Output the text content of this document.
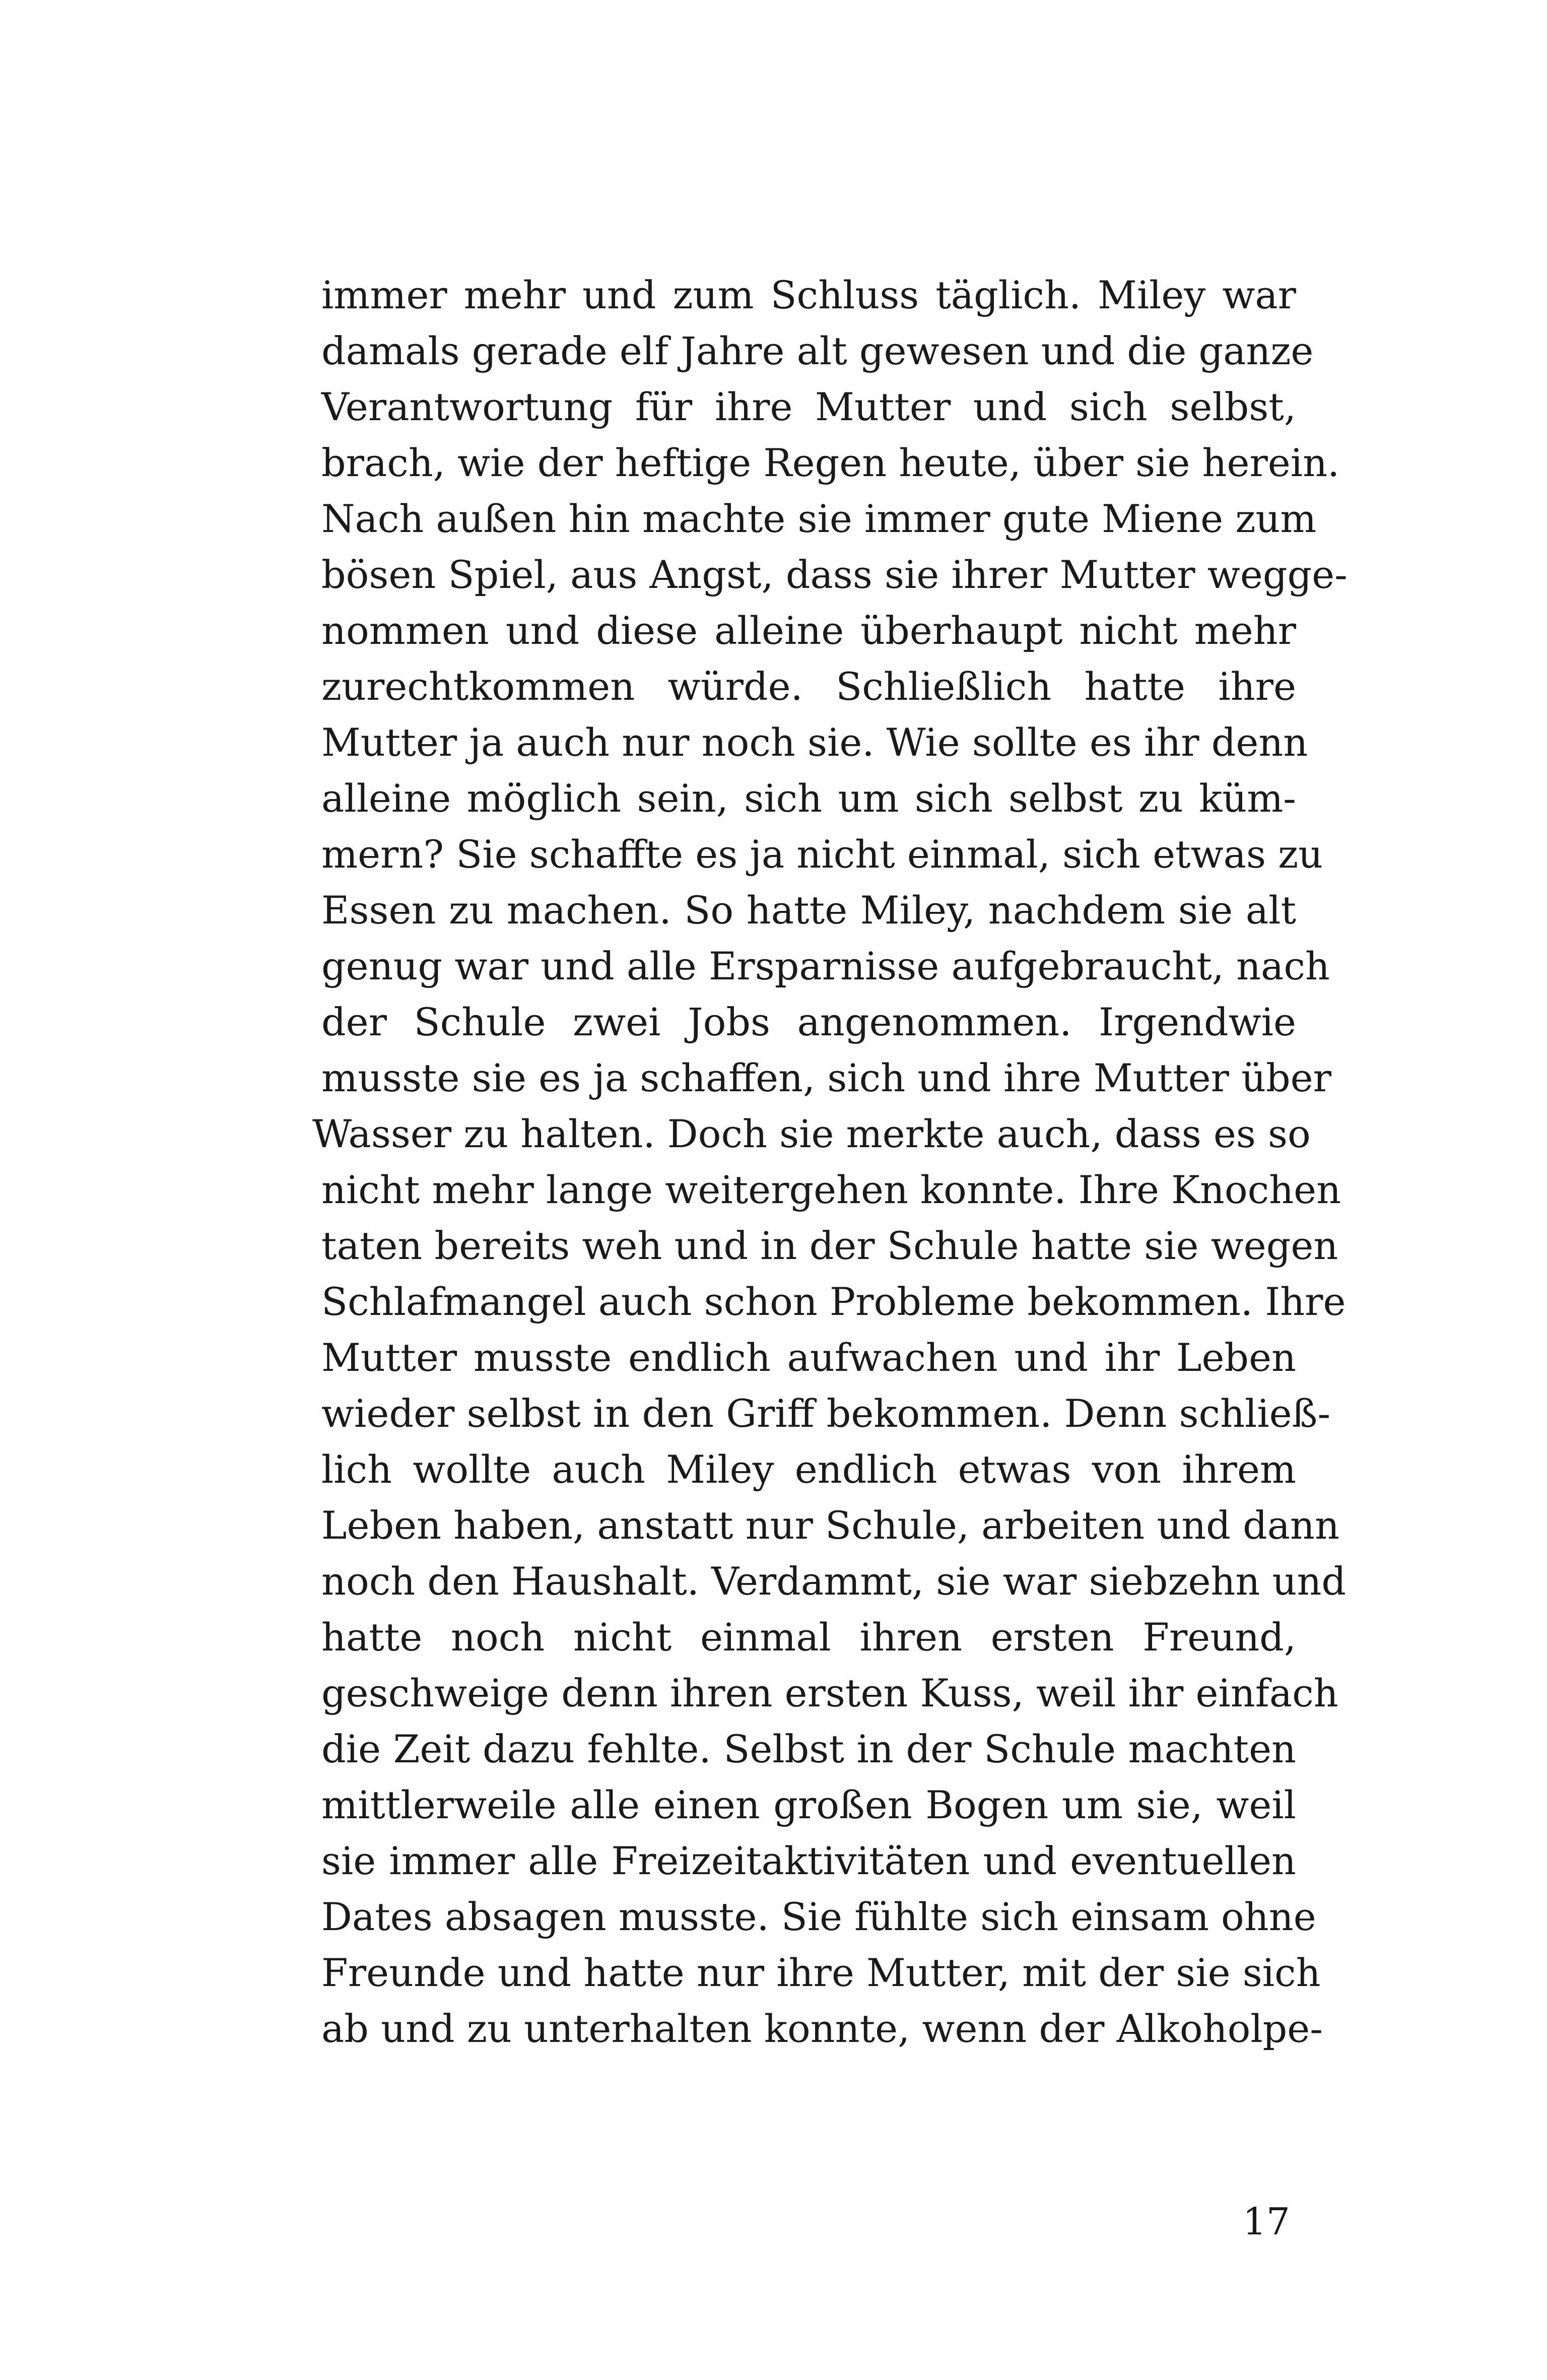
immer mehr und zum Schluss täglich. Miley war
damals gerade elf Jahre alt gewesen und die ganze
Verantwortung für ihre Mutter und sich selbst,
brach, wie der heftige Regen heute, über sie herein.
Nach außen hin machte sie immer gute Miene zum
bösen Spiel, aus Angst, dass sie ihrer Mutter wegge-
nommen und diese alleine überhaupt nicht mehr
zurechtkommen würde. Schließlich hatte ihre
Mutter ja auch nur noch sie. Wie sollte es ihr denn
alleine möglich sein, sich um sich selbst zu küm-
mern? Sie schaffte es ja nicht einmal, sich etwas zu
Essen zu machen. So hatte Miley, nachdem sie alt
genug war und alle Ersparnisse aufgebraucht, nach
der Schule zwei Jobs angenommen. Irgendwie
musste sie es ja schaffen, sich und ihre Mutter über
Wasser zu halten. Doch sie merkte auch, dass es so
nicht mehr lange weitergehen konnte. Ihre Knochen
taten bereits weh und in der Schule hatte sie wegen
Schlafmangel auch schon Probleme bekommen. Ihre
Mutter musste endlich aufwachen und ihr Leben
wieder selbst in den Griff bekommen. Denn schließ-
lich wollte auch Miley endlich etwas von ihrem
Leben haben, anstatt nur Schule, arbeiten und dann
noch den Haushalt. Verdammt, sie war siebzehn und
hatte noch nicht einmal ihren ersten Freund,
geschweige denn ihren ersten Kuss, weil ihr einfach
die Zeit dazu fehlte. Selbst in der Schule machten
mittlerweile alle einen großen Bogen um sie, weil
sie immer alle Freizeitaktivitäten und eventuellen
Dates absagen musste. Sie fühlte sich einsam ohne
Freunde und hatte nur ihre Mutter, mit der sie sich
ab und zu unterhalten konnte, wenn der Alkoholpe-
17
